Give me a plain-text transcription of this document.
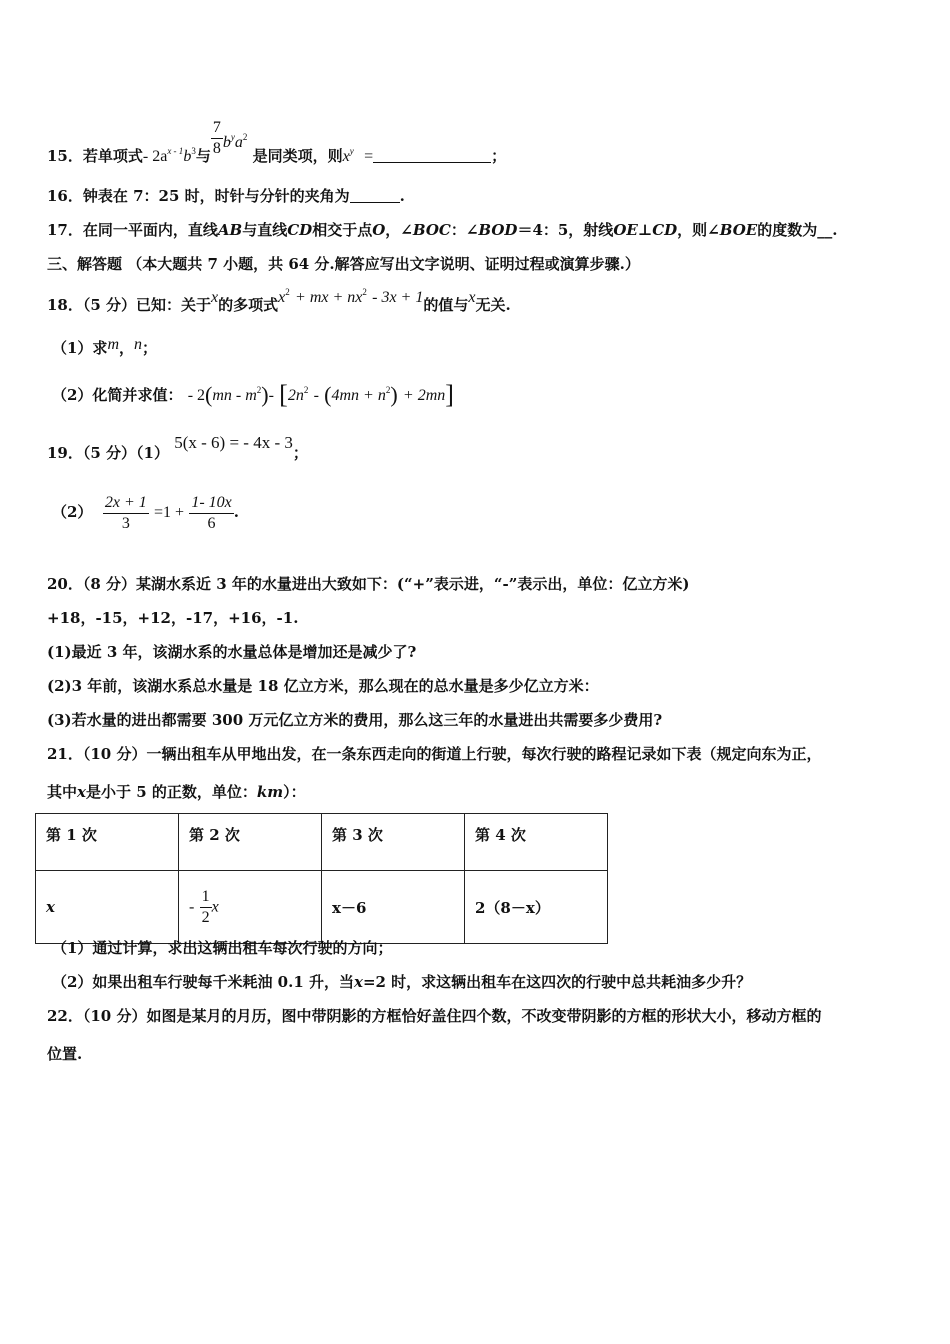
15．若单项式- $2a^{x - 1}b^3$与 $\frac{7}{8} b^ya^2$ 是同类项，则$x^y$ =	；
16．钟表在 7：25 时，时针与分针的夹角为	.
17．在同一平面内，直线AB与直线CD相交于点O，∠BOC：∠BOD＝4：5，射线OE⊥CD，则∠BOE的度数为__.
三、解答题 （本大题共 7 小题，共 64 分.解答应写出文字说明、证明过程或演算步骤.）
18．（5 分）已知：关于x的多项式$x^2$ + mx + $nx^2 - 3x + 1$的值与x无关.
（1）求m，n；
（2）化简并求值： - $2(mn - m^2)-$ $[2n^2 - (4mn + n^2) + 2mn]$
19．（5 分）（1） 5(x - 6) = - 4x - 3；
$(2) \frac{2x + 1}{3} =1 + \frac{1- 10x}{6}$ .
20．（8 分）某湖水系近 3 年的水量进出大致如下：(“+”表示进，“-”表示出，单位：亿立方米)
+18，-15，+12，-17，+16，-1.
(1)最近 3 年，该湖水系的水量总体是增加还是减少了?
(2)3 年前，该湖水系总水量是 18 亿立方米，那么现在的总水量是多少亿立方米：
(3)若水量的进出都需要 300 万元亿立方米的费用，那么这三年的水量进出共需要多少费用?
21．（10 分）一辆出租车从甲地出发，在一条东西走向的街道上行驶，每次行驶的路程记录如下表（规定向东为正，
其中x是小于 5 的正数，单位：km）：
第 1 次	第 2 次	第 3 次	第 4 次
x	- $\frac{1}{2}$ x	x－6	2（8－x）
（1）通过计算，求出这辆出租车每次行驶的方向；
（2）如果出租车行驶每千米耗油 0.1 升，当x=2 时，求这辆出租车在这四次的行驶中总共耗油多少升？
22．（10 分）如图是某月的月历，图中带阴影的方框恰好盖住四个数，不改变带阴影的方框的形状大小，移动方框的
位置.
